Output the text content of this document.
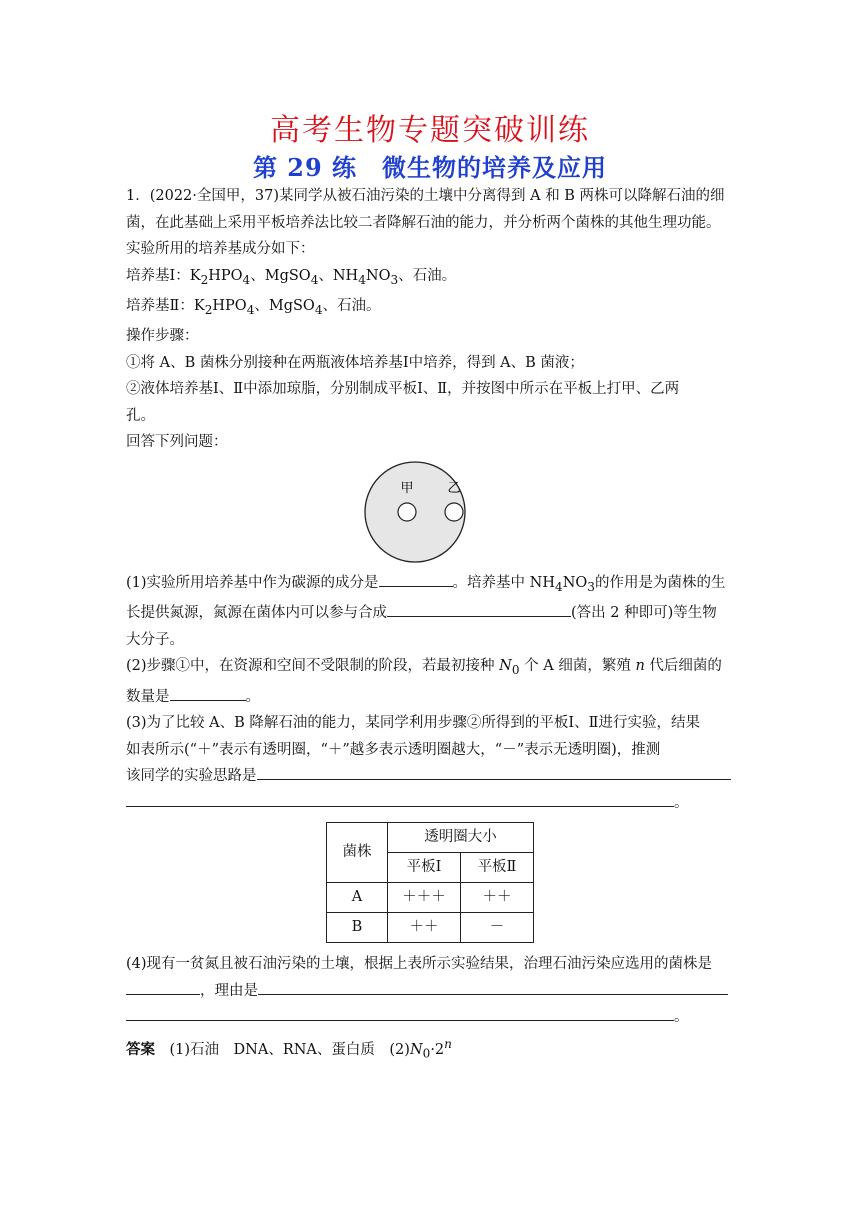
高考生物专题突破训练
第 29 练　微生物的培养及应用

1．(2022·全国甲，37)某同学从被石油污染的土壤中分离得到 A 和 B 两株可以降解石油的细

菌，在此基础上采用平板培养法比较二者降解石油的能力，并分析两个菌株的其他生理功能。

实验所用的培养基成分如下：

培养基Ⅰ：$K_2HPO_4$、MgSO$_4$、$NH_4NO_3$、石油。

培养基Ⅱ：$K_2HPO_4$、MgSO$_4$、石油。

操作步骤：

①将 A、B 菌株分别接种在两瓶液体培养基Ⅰ中培养，得到 A、B 菌液；

②液体培养基Ⅰ、Ⅱ中添加琼脂，分别制成平板Ⅰ、Ⅱ，并按图中所示在平板上打甲、乙两

孔。

回答下列问题：

甲	乙

(1)实验所用培养基中作为碳源的成分是	。培养基中 $NH_4NO_3$的作用是为菌株的生

长提供氮源，氮源在菌体内可以参与合成	(答出 2 种即可)等生物

大分子。

(2)步骤①中，在资源和空间不受限制的阶段，若最初接种 $N_0$ 个 A 细菌，繁殖 n 代后细菌的

数量是	。

(3)为了比较 A、B 降解石油的能力，某同学利用步骤②所得到的平板Ⅰ、Ⅱ进行实验，结果

如表所示(“＋”表示有透明圈，“＋”越多表示透明圈越大，“－”表示无透明圈)，推测

该同学的实验思路是

。

菌株	透明圈大小	
	平板Ⅰ	平板Ⅱ
A	＋＋＋	＋＋
B	＋＋	－

(4)现有一贫氮且被石油污染的土壤，根据上表所示实验结果，治理石油污染应选用的菌株是

，理由是

。

答案　(1)石油　DNA、RNA、蛋白质　$(2)N_0\cdot 2^n$
